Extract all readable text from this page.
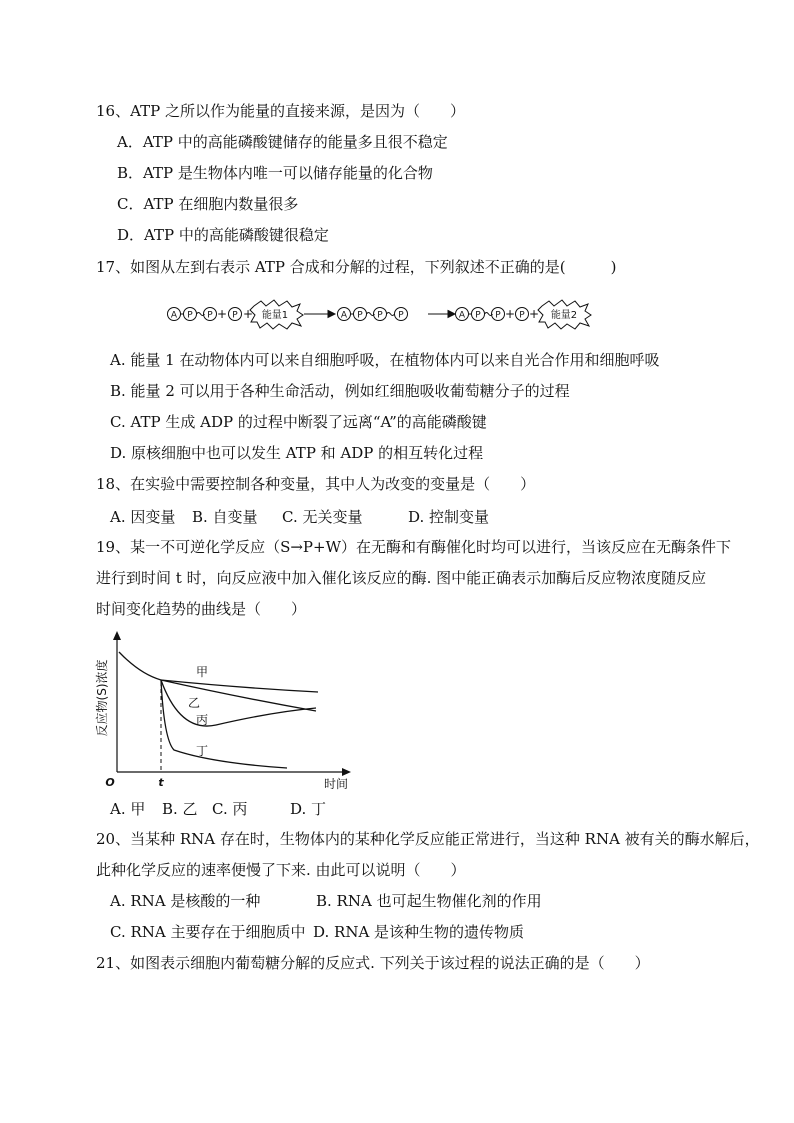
16、ATP 之所以作为能量的直接来源，是因为（　　）
A．ATP 中的高能磷酸键储存的能量多且很不稳定
B．ATP 是生物体内唯一可以储存能量的化合物
C．ATP 在细胞内数量很多
D．ATP 中的高能磷酸键很稳定
17、如图从左到右表示 ATP 合成和分解的过程，下列叙述不正确的是(　　　)
A P P + P + 能量1	A P P P	A P P + P + 能量2
A. 能量 1 在动物体内可以来自细胞呼吸，在植物体内可以来自光合作用和细胞呼吸
B. 能量 2 可以用于各种生命活动，例如红细胞吸收葡萄糖分子的过程
C. ATP 生成 ADP 的过程中断裂了远离“A”的高能磷酸键
D. 原核细胞中也可以发生 ATP 和 ADP 的相互转化过程
18、在实验中需要控制各种变量，其中人为改变的变量是（　　）
A. 因变量 B. 自变量 C. 无关变量	D. 控制变量
19、某一不可逆化学反应（S→P+W）在无酶和有酶催化时均可以进行，当该反应在无酶条件下
进行到时间 t 时，向反应液中加入催化该反应的酶. 图中能正确表示加酶后反应物浓度随反应
时间变化趋势的曲线是（　　）
反应物(S)浓度
O	t	时间
甲
乙
丙
丁
A. 甲 B. 乙 C. 丙	D. 丁
20、当某种 RNA 存在时，生物体内的某种化学反应能正常进行，当这种 RNA 被有关的酶水解后，
此种化学反应的速率便慢了下来. 由此可以说明（　　）
A. RNA 是核酸的一种	B. RNA 也可起生物催化剂的作用
C. RNA 主要存在于细胞质中 D. RNA 是该种生物的遗传物质
21、如图表示细胞内葡萄糖分解的反应式. 下列关于该过程的说法正确的是（　　）
